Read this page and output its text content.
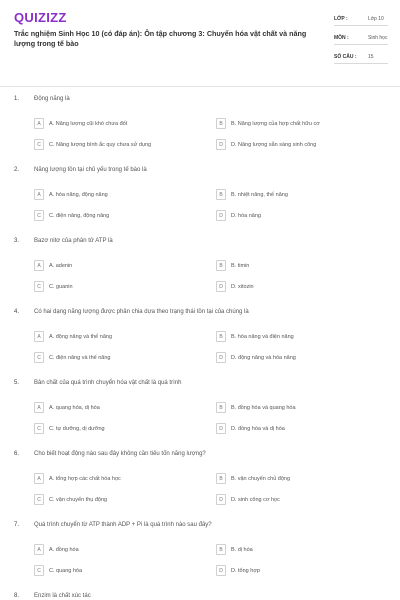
QUIZIZZ
Trắc nghiệm Sinh Học 10 (có đáp án): Ôn tập chương 3: Chuyển hóa vật chất và năng lượng trong tế bào
LỚP :	Lớp 10
MÔN :	Sinh học
SỐ CÂU :	15
1. Động năng là
A	A. Năng lượng cũi khó chưa đốt	B	B. Năng lượng của hợp chất hữu cơ
C	C. Năng lượng bình ắc quy chưa sử dụng	D	D. Năng lượng sẵn sàng sinh công
2. Năng lượng tồn tại chủ yếu trong tế bào là
A	A. hóa năng, động năng	B	B. nhiệt năng, thế năng
C	C. điện năng, động năng	D	D. hóa năng
3. Bazơ nitơ của phân tử ATP là
A	A. adenin	B	B. timin
C	C. guanin	D	D. xitozin
4. Có hai dạng năng lượng được phân chia dựa theo trạng thái tồn tại của chúng là
A	A. động năng và thế năng	B	B. hóa năng và điện năng
C	C. điện năng và thế năng	D	D. động năng và hóa năng
5. Bản chất của quá trình chuyển hóa vật chất là quá trình
A	A. quang hóa, dị hóa	B	B. đồng hóa và quang hóa
C	C. tự dưỡng, dị dưỡng	D	D. đồng hóa và dị hóa
6. Cho biết hoạt động nào sau đây không cần tiêu tốn năng lượng?
A	A. tổng hợp các chất hóa học	B	B. vận chuyển chủ động
C	C. vận chuyển thụ động	D	D. sinh công cơ học
7. Quá trình chuyển từ ATP thành ADP + Pi là quá trình nào sau đây?
A	A. đồng hóa	B	B. dị hóa
C	C. quang hóa	D	D. tổng hợp
8. Enzim là chất xúc tác
